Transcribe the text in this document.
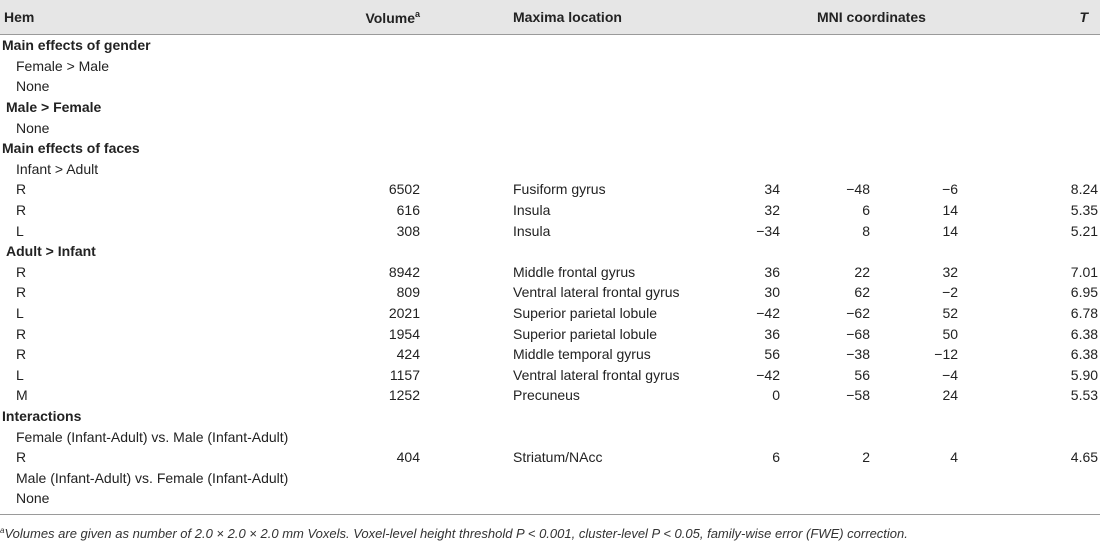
Hem	Volume$^a$	Maxima location	MNI coordinates			T
Main effects of gender						
Female > Male						
None						
Male > Female						
None						
Main effects of faces						
Infant > Adult						
R	6502	Fusiform gyrus	34	−48	−6	8.24
R	616	Insula	32	6	14	5.35
L	308	Insula	−34	8	14	5.21
Adult > Infant						
R	8942	Middle frontal gyrus	36	22	32	7.01
R	809	Ventral lateral frontal gyrus	30	62	−2	6.95
L	2021	Superior parietal lobule	−42	−62	52	6.78
R	1954	Superior parietal lobule	36	−68	50	6.38
R	424	Middle temporal gyrus	56	−38	−12	6.38
L	1157	Ventral lateral frontal gyrus	−42	56	−4	5.90
M	1252	Precuneus	0	−58	24	5.53
Interactions						
Female (Infant-Adult) vs. Male (Infant-Adult)						
R	404	Striatum/NAcc	6	2	4	4.65
Male (Infant-Adult) vs. Female (Infant-Adult)						
None						
$^a$Volumes are given as number of 2.0 × 2.0 × 2.0 mm Voxels. Voxel-level height threshold P < 0.001, cluster-level P < 0.05, family-wise error (FWE) correction.
